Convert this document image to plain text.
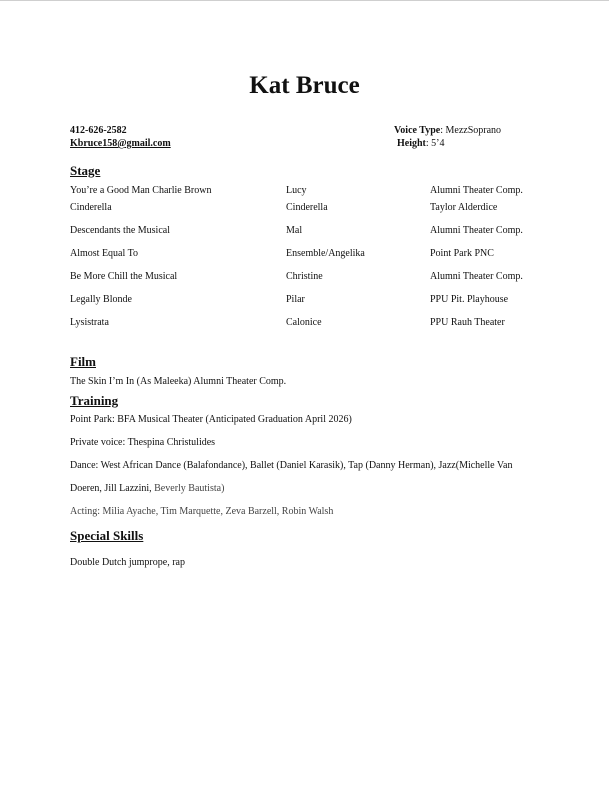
Kat Bruce
412-626-2582
Kbruce158@gmail.com
Voice Type: MezzSoprano
Height: 5’4
Stage
You’re a Good Man Charlie Brown	Lucy	Alumni Theater Comp.
Cinderella	Cinderella	Taylor Alderdice
Descendants the Musical	Mal	Alumni Theater Comp.
Almost Equal To	Ensemble/Angelika	Point Park PNC
Be More Chill the Musical	Christine	Alumni Theater Comp.
Legally Blonde	Pilar	PPU Pit. Playhouse
Lysistrata	Calonice	PPU Rauh Theater
Film
The Skin I’m In (As Maleeka) Alumni Theater Comp.
Training
Point Park: BFA Musical Theater (Anticipated Graduation April 2026)
Private voice: Thespina Christulides
Dance: West African Dance (Balafondance), Ballet (Daniel Karasik), Tap (Danny Herman), Jazz(Michelle Van
Doeren, Jill Lazzini, Beverly Bautista)
Acting: Milia Ayache, Tim Marquette, Zeva Barzell, Robin Walsh
Special Skills
Double Dutch jumprope, rap
